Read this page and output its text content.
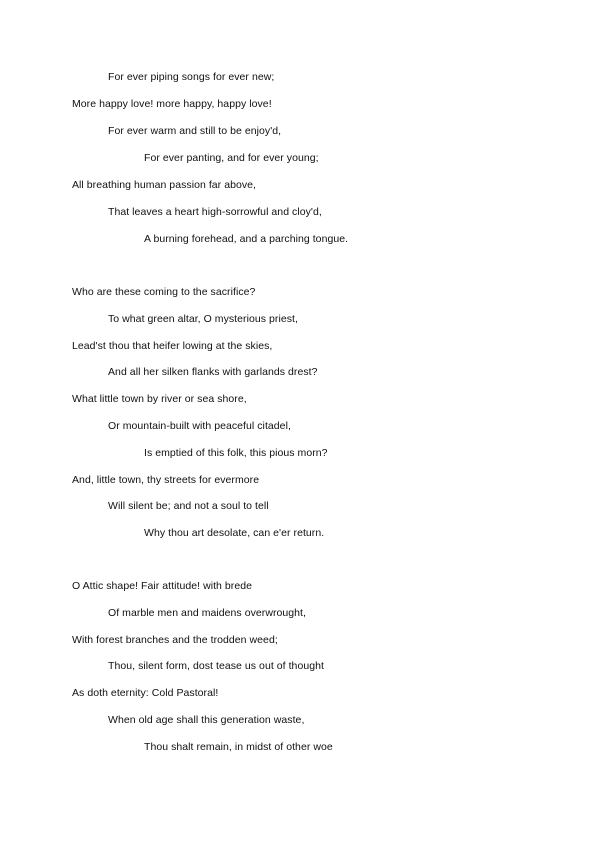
For ever piping songs for ever new;
More happy love! more happy, happy love!
For ever warm and still to be enjoy'd,
For ever panting, and for ever young;
All breathing human passion far above,
That leaves a heart high-sorrowful and cloy'd,
A burning forehead, and a parching tongue.
Who are these coming to the sacrifice?
To what green altar, O mysterious priest,
Lead'st thou that heifer lowing at the skies,
And all her silken flanks with garlands drest?
What little town by river or sea shore,
Or mountain-built with peaceful citadel,
Is emptied of this folk, this pious morn?
And, little town, thy streets for evermore
Will silent be; and not a soul to tell
Why thou art desolate, can e'er return.
O Attic shape! Fair attitude! with brede
Of marble men and maidens overwrought,
With forest branches and the trodden weed;
Thou, silent form, dost tease us out of thought
As doth eternity: Cold Pastoral!
When old age shall this generation waste,
Thou shalt remain, in midst of other woe
